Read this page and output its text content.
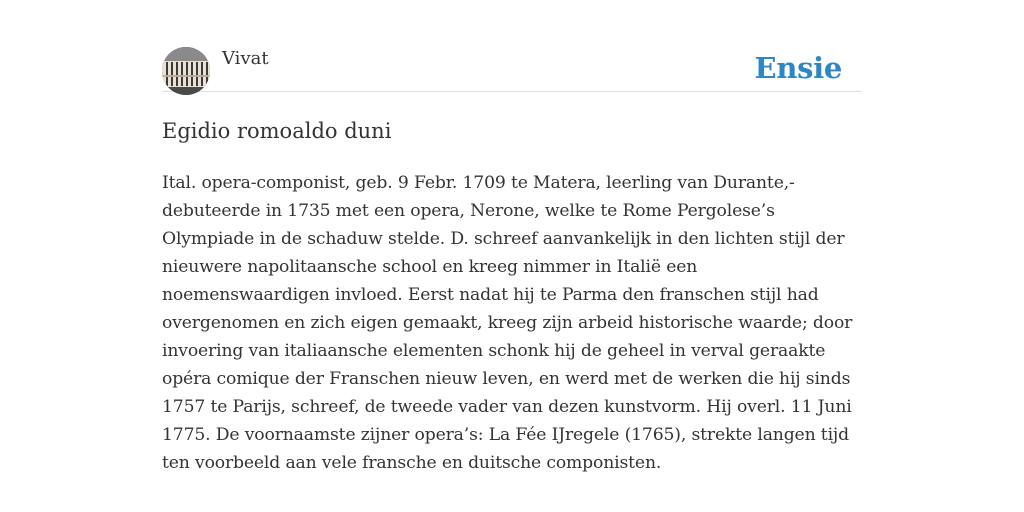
Vivat	Ensie
Egidio romoaldo duni

Ital. opera-componist, geb. 9 Febr. 1709 te Matera, leerling van Durante,- debuteerde in 1735 met een opera, Nerone, welke te Rome Pergolese’s Olympiade in de schaduw stelde. D. schreef aanvankelijk in den lichten stijl der nieuwere napolitaansche school en kreeg nimmer in Italië een noemenswaardigen invloed. Eerst nadat hij te Parma den franschen stijl had overgenomen en zich eigen gemaakt, kreeg zijn arbeid historische waarde; door invoering van italiaansche elementen schonk hij de geheel in verval geraakte opéra comique der Franschen nieuw leven, en werd met de werken die hij sinds 1757 te Parijs, schreef, de tweede vader van dezen kunstvorm. Hij overl. 11 Juni 1775. De voornaamste zijner opera’s: La Fée IJregele (1765), strekte langen tijd ten voorbeeld aan vele fransche en duitsche componisten.
